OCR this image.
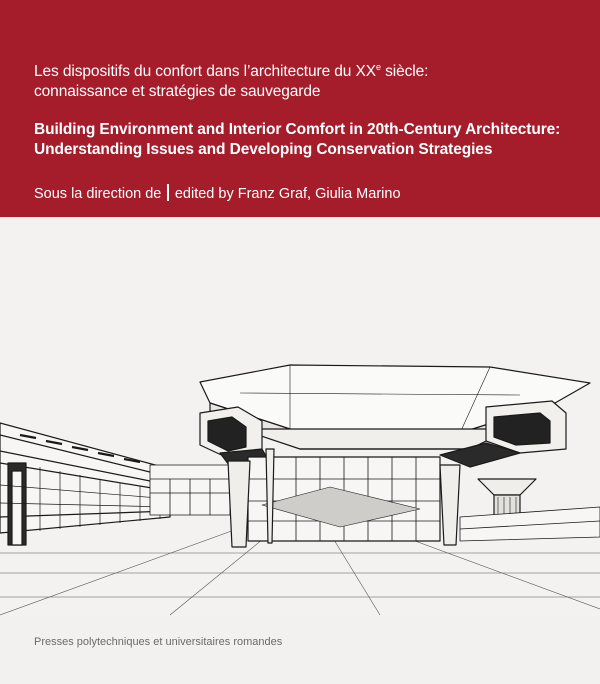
Les dispositifs du confort dans l’architecture du XXe siècle:
connaissance et stratégies de sauvegarde
Building Environment and Interior Comfort in 20th-Century Architecture:
Understanding Issues and Developing Conservation Strategies
Sous la direction de edited by Franz Graf, Giulia Marino
Presses polytechniques et universitaires romandes
